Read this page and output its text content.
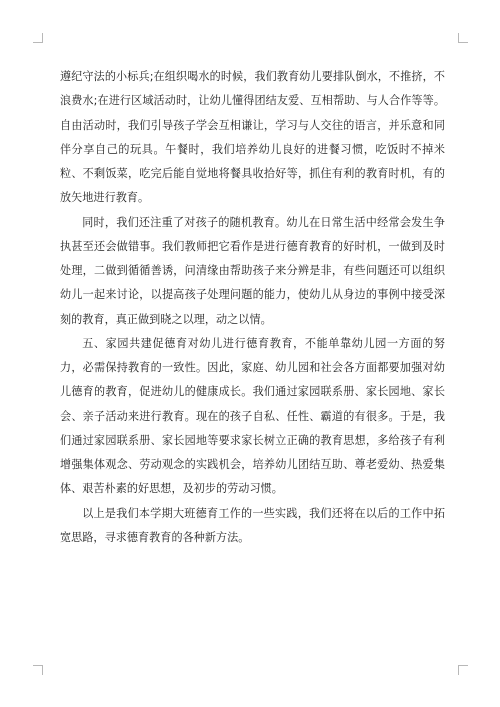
遵纪守法的小标兵;在组织喝水的时候，我们教育幼儿要排队倒水，不推挤，不浪费水;在进行区域活动时，让幼儿懂得团结友爱、互相帮助、与人合作等等。自由活动时，我们引导孩子学会互相谦让，学习与人交往的语言，并乐意和同伴分享自己的玩具。午餐时，我们培养幼儿良好的进餐习惯，吃饭时不掉米粒、不剩饭菜，吃完后能自觉地将餐具收拾好等，抓住有利的教育时机，有的放矢地进行教育。

同时，我们还注重了对孩子的随机教育。幼儿在日常生活中经常会发生争执甚至还会做错事。我们教师把它看作是进行德育教育的好时机，一做到及时处理，二做到循循善诱，问清缘由帮助孩子来分辨是非，有些问题还可以组织幼儿一起来讨论，以提高孩子处理问题的能力，使幼儿从身边的事例中接受深刻的教育，真正做到晓之以理，动之以情。

五、家园共建促德育对幼儿进行德育教育，不能单靠幼儿园一方面的努力，必需保持教育的一致性。因此，家庭、幼儿园和社会各方面都要加强对幼儿德育的教育，促进幼儿的健康成长。我们通过家园联系册、家长园地、家长会、亲子活动来进行教育。现在的孩子自私、任性、霸道的有很多。于是，我们通过家园联系册、家长园地等要求家长树立正确的教育思想，多给孩子有利增强集体观念、劳动观念的实践机会，培养幼儿团结互助、尊老爱幼、热爱集体、艰苦朴素的好思想，及初步的劳动习惯。

以上是我们本学期大班德育工作的一些实践，我们还将在以后的工作中拓宽思路，寻求德育教育的各种新方法。
